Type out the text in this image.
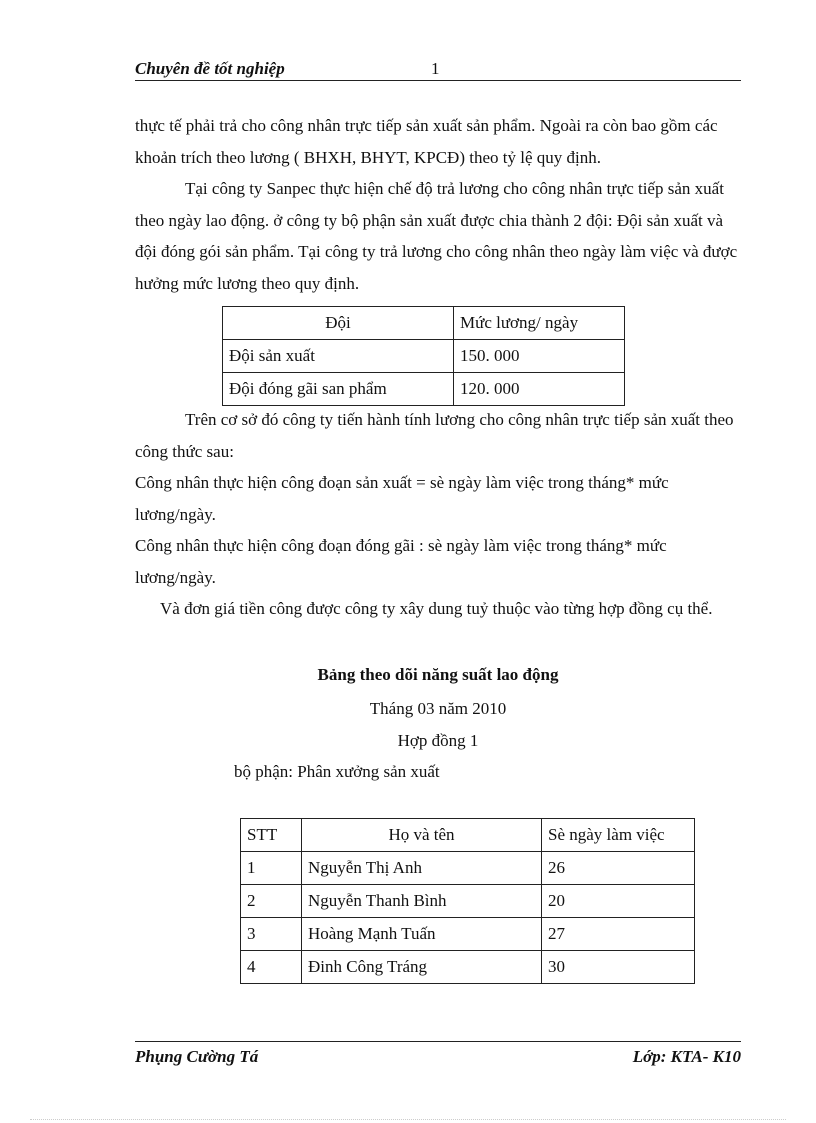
Chuyên đề tốt nghiệp	1

thực tế phải trả cho công nhân trực tiếp sản xuất sản phẩm. Ngoài ra còn bao gồm các khoản trích theo lương ( BHXH, BHYT, KPCĐ) theo tỷ lệ quy định.

Tại công ty Sanpec thực hiện chế độ trả lương cho công nhân trực tiếp sản xuất theo ngày lao động. ở công ty bộ phận sản xuất được chia thành 2 đội: Đội sản xuất và đội đóng gói sản phẩm. Tại công ty trả lương cho công nhân theo ngày làm việc và được hưởng mức lương theo quy định.

Đội	Mức lương/ ngày
Đội sản xuất	150. 000
Đội đóng gãi san phẩm	120. 000

Trên cơ sở đó công ty tiến hành tính lương cho công nhân trực tiếp sản xuất theo công thức sau:

Công nhân thực hiện công đoạn sản xuất = sè ngày làm việc trong tháng* mức lương/ngày.

Công nhân thực hiện công đoạn đóng gãi : sè ngày làm việc trong tháng* mức lương/ngày.

Và đơn giá tiền công được công ty xây dung tuỷ thuộc vào từng hợp đồng cụ thể.

Bảng theo dõi năng suất lao động
Tháng 03 năm 2010
Hợp đồng 1
bộ phận: Phân xưởng sản xuất
STT	Họ và tên	Sè ngày làm việc
1	Nguyễn Thị Anh	26
2	Nguyễn Thanh Bình	20
3	Hoàng Mạnh Tuấn	27
4	Đinh Công Tráng	30
Phụng Cường Tá	Lớp: KTA- K10
